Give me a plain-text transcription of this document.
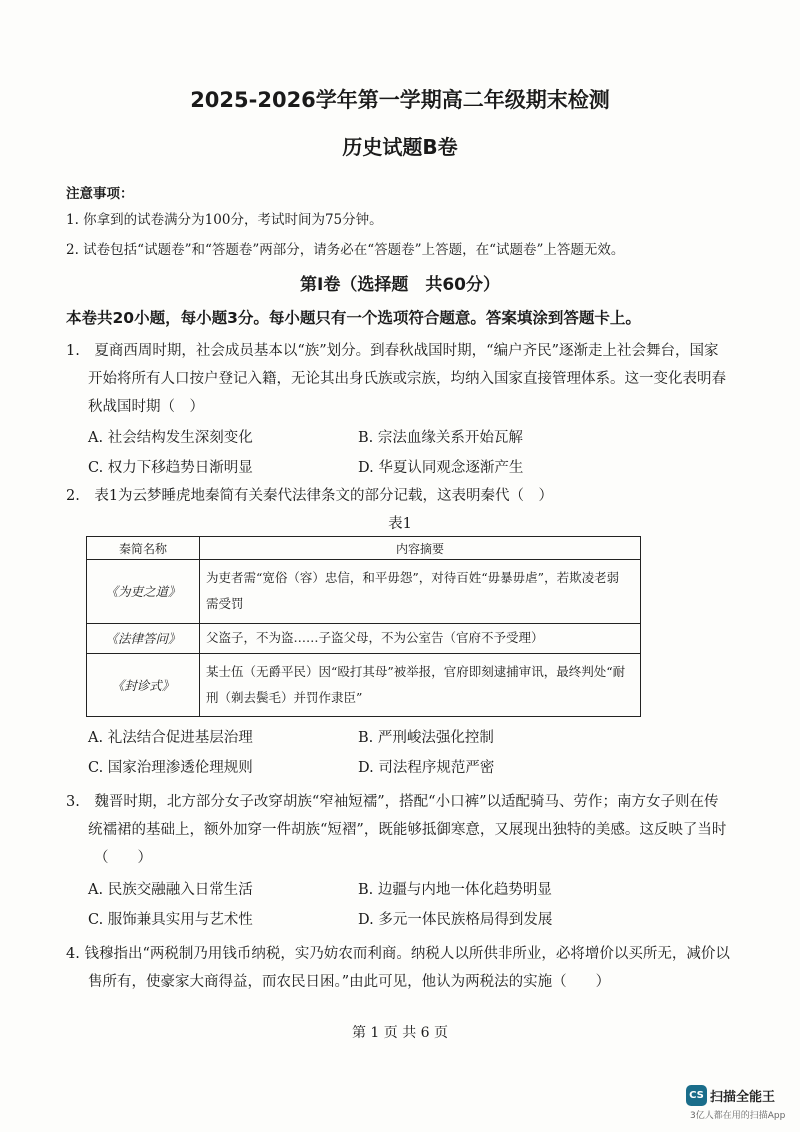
2025-2026学年第一学期高二年级期末检测
历史试题B卷
注意事项：
1. 你拿到的试卷满分为100分，考试时间为75分钟。
2. 试卷包括“试题卷”和“答题卷”两部分，请务必在“答题卷”上答题，在“试题卷”上答题无效。
第Ⅰ卷（选择题　共60分）
本卷共20小题，每小题3分。每小题只有一个选项符合题意。答案填涂到答题卡上。
1.　夏商西周时期，社会成员基本以“族”划分。到春秋战国时期，“编户齐民”逐渐走上社会舞台，国家
开始将所有人口按户登记入籍，无论其出身氏族或宗族，均纳入国家直接管理体系。这一变化表明春
秋战国时期（　）
A. 社会结构发生深刻变化	B. 宗法血缘关系开始瓦解
C. 权力下移趋势日渐明显	D. 华夏认同观念逐渐产生
2.　表1为云梦睡虎地秦简有关秦代法律条文的部分记载，这表明秦代（　）
表1
秦简名称	内容摘要
《为吏之道》	为吏者需“宽俗（容）忠信，和平毋怨”，对待百姓“毋暴毋虐”，若欺凌老弱
需受罚

《法律答问》	父盗子，不为盗……子盗父母，不为公室告（官府不予受理）

《封诊式》	某士伍（无爵平民）因“殴打其母”被举报，官府即刻逮捕审讯，最终判处“耐
刑（剃去鬓毛）并罚作隶臣”
A. 礼法结合促进基层治理	B. 严刑峻法强化控制
C. 国家治理渗透伦理规则	D. 司法程序规范严密
3.　魏晋时期，北方部分女子改穿胡族“窄袖短襦”，搭配“小口裤”以适配骑马、劳作；南方女子则在传
统襦裙的基础上，额外加穿一件胡族“短褶”，既能够抵御寒意，又展现出独特的美感。这反映了当时
（　　）
A. 民族交融融入日常生活	B. 边疆与内地一体化趋势明显
C. 服饰兼具实用与艺术性	D. 多元一体民族格局得到发展
4. 钱穆指出“两税制乃用钱币纳税，实乃妨农而利商。纳税人以所供非所业，必将增价以买所无，减价以
售所有，使豪家大商得益，而农民日困。”由此可见，他认为两税法的实施（　　）
第 1 页 共 6 页
CS 扫描全能王
3亿人都在用的扫描App
